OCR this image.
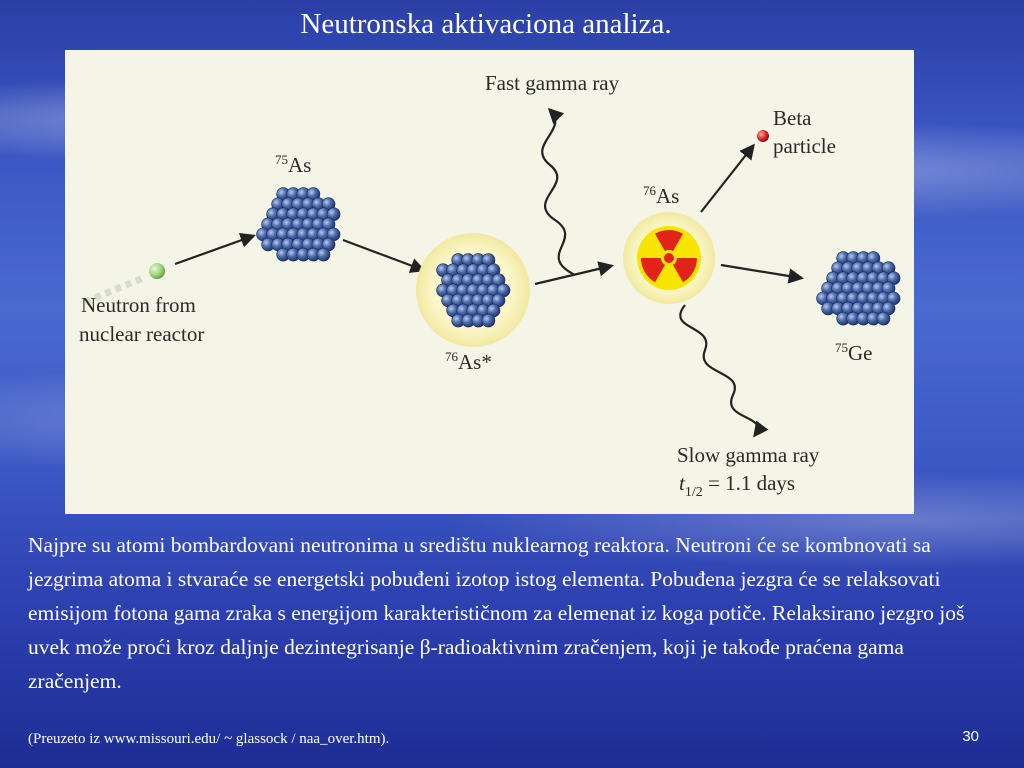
Neutronska aktivaciona analiza.
Neutron from
nuclear reactor
$^{75}$As
$^{76}$As*
Fast gamma ray
$^{76}$As
Beta
particle
$^{75}$Ge
Slow gamma ray
$t_{1/2} = 1.1$ days

Najpre su atomi bombardovani neutronima u središtu nuklearnog reaktora. Neutroni će se kombnovati sa jezgrima atoma i stvaraće se energetski pobuđeni izotop istog elementa. Pobuđena jezgra će se relaksovati emisijom fotona gama zraka s energijom karakterističnom za elemenat iz koga potiče. Relaksirano jezgro još uvek može proći kroz daljnje dezintegrisanje β-radioaktivnim zračenjem, koji je takođe praćena gama zračenjem.

(Preuzeto iz www.missouri.edu/ ~ glassock / naa_over.htm).	30
